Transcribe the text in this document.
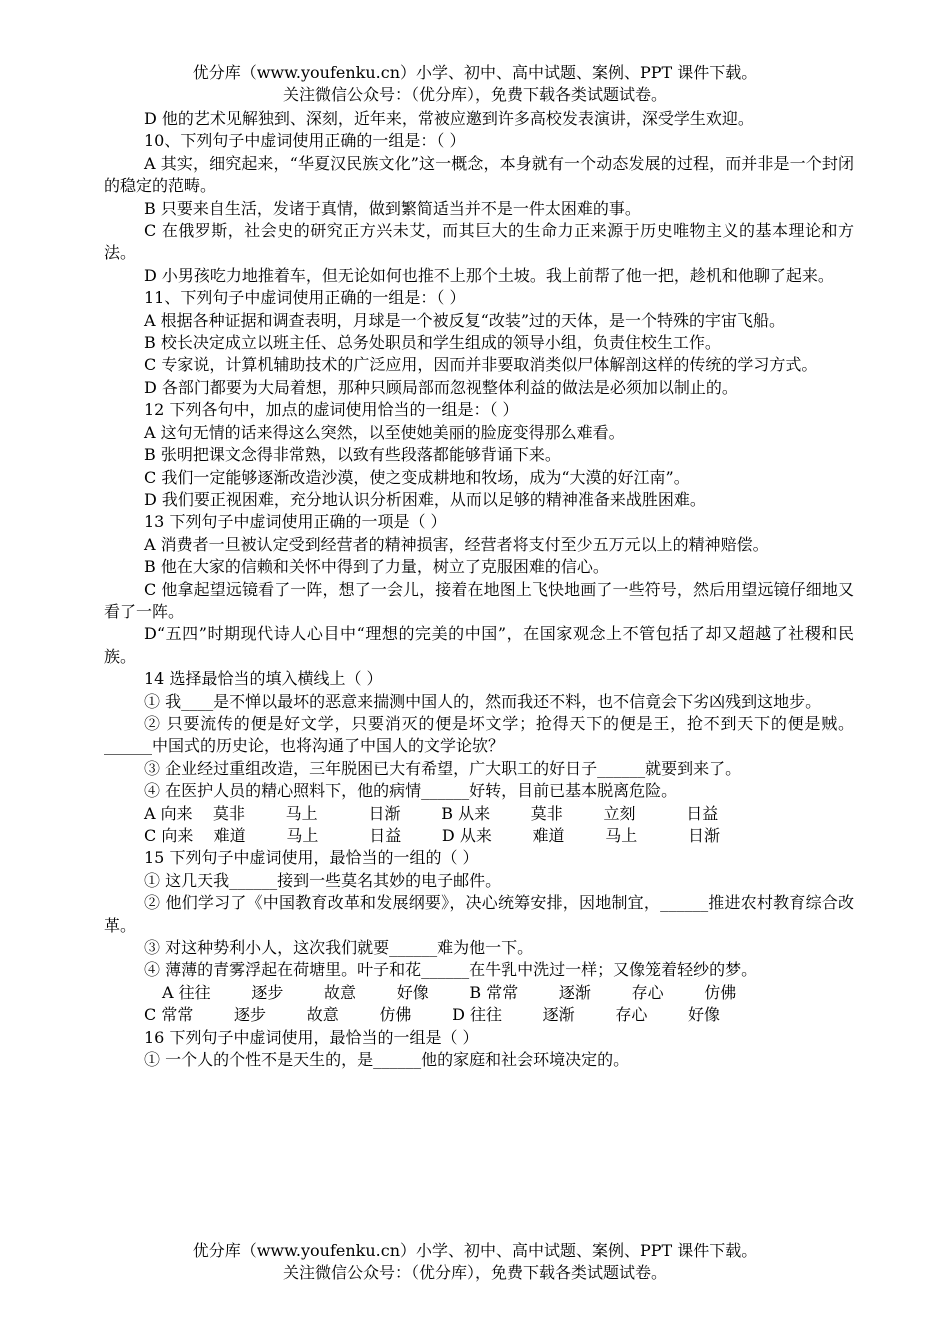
优分库（www.youfenku.cn）小学、初中、高中试题、案例、PPT 课件下载。
关注微信公众号：（优分库），免费下载各类试题试卷。

D 他的艺术见解独到、深刻，近年来，常被应邀到许多高校发表演讲，深受学生欢迎。

10、下列句子中虚词使用正确的一组是：（ ）

A 其实，细究起来，“华夏汉民族文化”这一概念，本身就有一个动态发展的过程，而并非是一个封闭的稳定的范畴。

B 只要来自生活，发诸于真情，做到繁简适当并不是一件太困难的事。

C 在俄罗斯，社会史的研究正方兴未艾，而其巨大的生命力正来源于历史唯物主义的基本理论和方法。

D 小男孩吃力地推着车，但无论如何也推不上那个土坡。我上前帮了他一把，趁机和他聊了起来。

11、下列句子中虚词使用正确的一组是：（ ）

A 根据各种证据和调查表明，月球是一个被反复“改装”过的天体，是一个特殊的宇宙飞船。

B 校长决定成立以班主任、总务处职员和学生组成的领导小组，负责住校生工作。

C 专家说，计算机辅助技术的广泛应用，因而并非要取消类似尸体解剖这样的传统的学习方式。

D 各部门都要为大局着想，那种只顾局部而忽视整体利益的做法是必须加以制止的。

12 下列各句中，加点的虚词使用恰当的一组是：（ ）

A 这句无情的话来得这么突然，以至使她美丽的脸庞变得那么难看。

B 张明把课文念得非常熟，以致有些段落都能够背诵下来。

C 我们一定能够逐渐改造沙漠，使之变成耕地和牧场，成为“大漠的好江南”。

D 我们要正视困难，充分地认识分析困难，从而以足够的精神准备来战胜困难。

13 下列句子中虚词使用正确的一项是（ ）

A 消费者一旦被认定受到经营者的精神损害，经营者将支付至少五万元以上的精神赔偿。

B 他在大家的信赖和关怀中得到了力量，树立了克服困难的信心。

C 他拿起望远镜看了一阵，想了一会儿，接着在地图上飞快地画了一些符号，然后用望远镜仔细地又看了一阵。

D“五四”时期现代诗人心目中“理想的完美的中国”，在国家观念上不管包括了却又超越了社稷和民族。

14 选择最恰当的填入横线上（ ）

① 我____是不惮以最坏的恶意来揣测中国人的，然而我还不料，也不信竟会下劣凶残到这地步。

② 只要流传的便是好文学，只要消灭的便是坏文学；抢得天下的便是王，抢不到天下的便是贼。______中国式的历史论，也将沟通了中国人的文学论欤？

③ 企业经过重组改造，三年脱困已大有希望，广大职工的好日子______就要到来了。

④ 在医护人员的精心照料下，他的病情______好转，目前已基本脱离危险。

A 向来    莫非        马上          日渐        B 从来        莫非        立刻          日益

C 向来    难道        马上          日益        D 从来        难道        马上          日渐

15 下列句子中虚词使用，最恰当的一组的（ ）

① 这几天我______接到一些莫名其妙的电子邮件。

② 他们学习了《中国教育改革和发展纲要》，决心统筹安排，因地制宜，______推进农村教育综合改革。

③ 对这种势利小人，这次我们就要______难为他一下。

④ 薄薄的青雾浮起在荷塘里。叶子和花______在牛乳中洗过一样；又像笼着轻纱的梦。

A 往往        逐步        故意        好像        B 常常        逐渐        存心        仿佛

C 常常        逐步        故意        仿佛        D 往往        逐渐        存心        好像

16 下列句子中虚词使用，最恰当的一组是（ ）

① 一个人的个性不是天生的，是______他的家庭和社会环境决定的。

优分库（www.youfenku.cn）小学、初中、高中试题、案例、PPT 课件下载。
关注微信公众号：（优分库），免费下载各类试题试卷。
